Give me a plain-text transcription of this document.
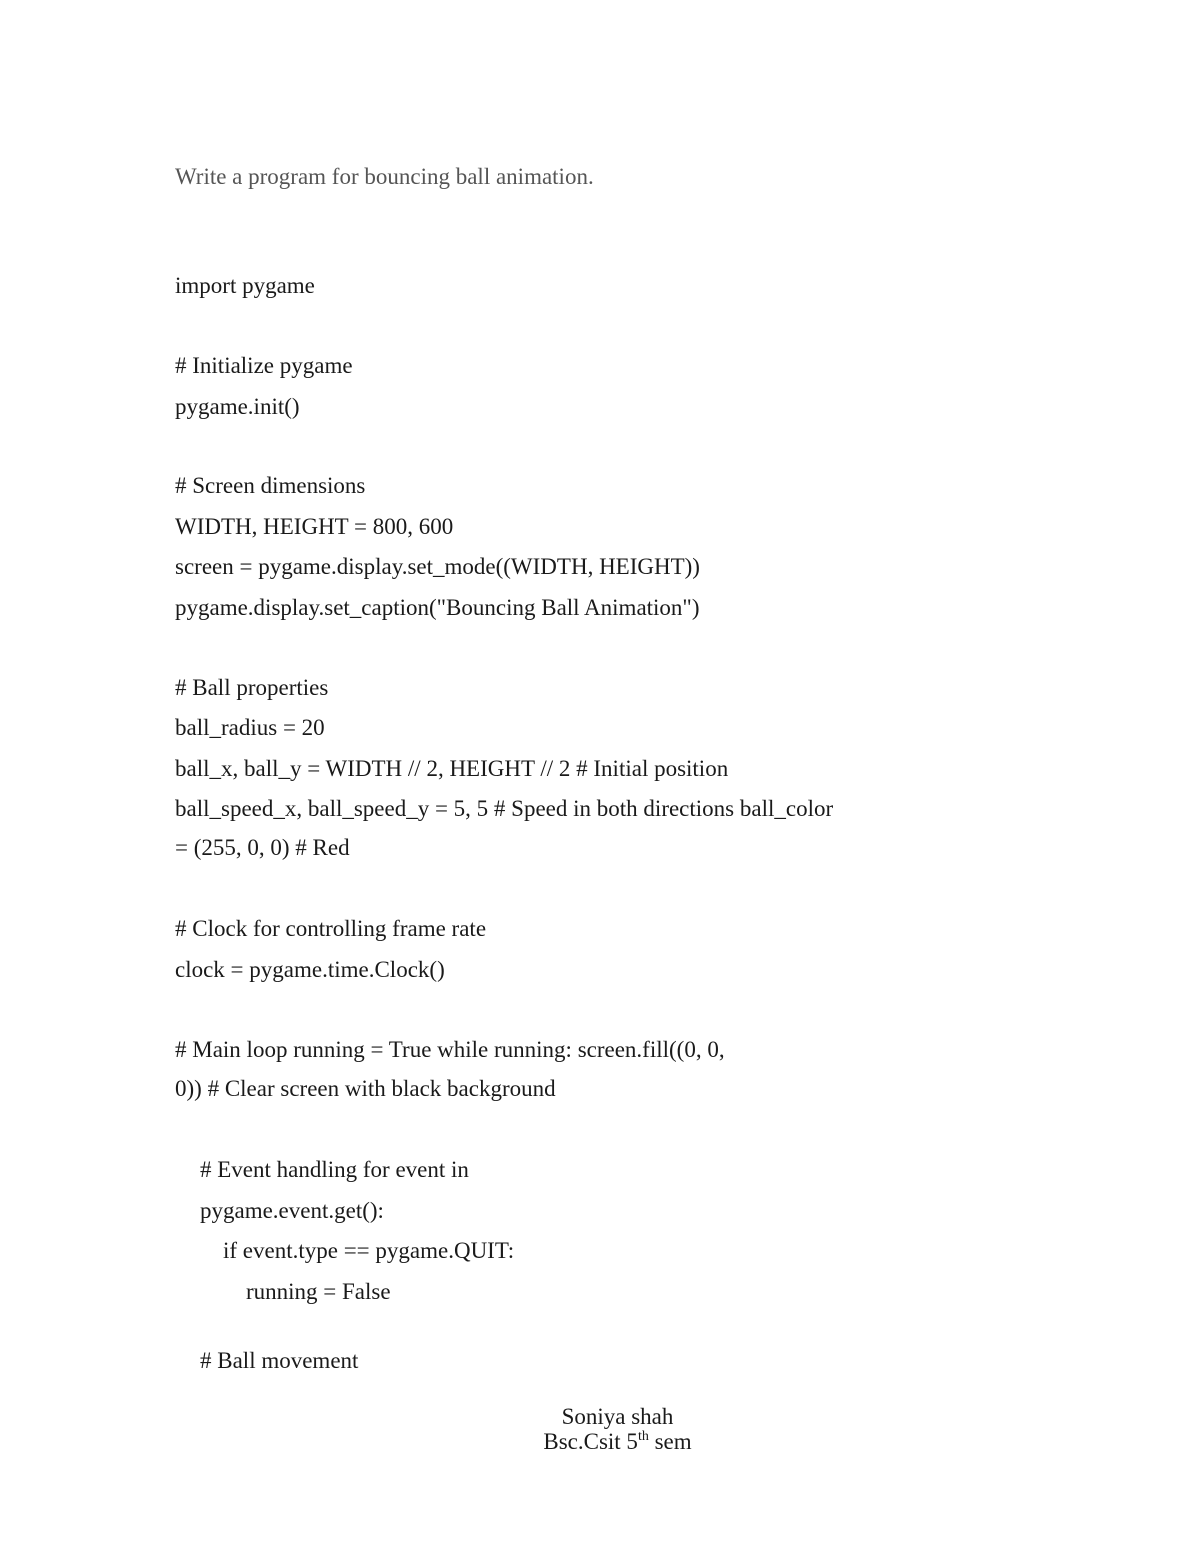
Write a program for bouncing ball animation.
import pygame
# Initialize pygame
pygame.init()
# Screen dimensions
WIDTH, HEIGHT = 800, 600
screen = pygame.display.set_mode((WIDTH, HEIGHT))
pygame.display.set_caption("Bouncing Ball Animation")
# Ball properties
ball_radius = 20
ball_x, ball_y = WIDTH // 2, HEIGHT // 2 # Initial position
ball_speed_x, ball_speed_y = 5, 5 # Speed in both directions ball_color
= (255, 0, 0) # Red
# Clock for controlling frame rate
clock = pygame.time.Clock()
# Main loop running = True while running: screen.fill((0, 0,
0)) # Clear screen with black background
# Event handling for event in
pygame.event.get():
if event.type == pygame.QUIT:
running = False
# Ball movement
Soniya shah
Bsc.Csit 5th sem
